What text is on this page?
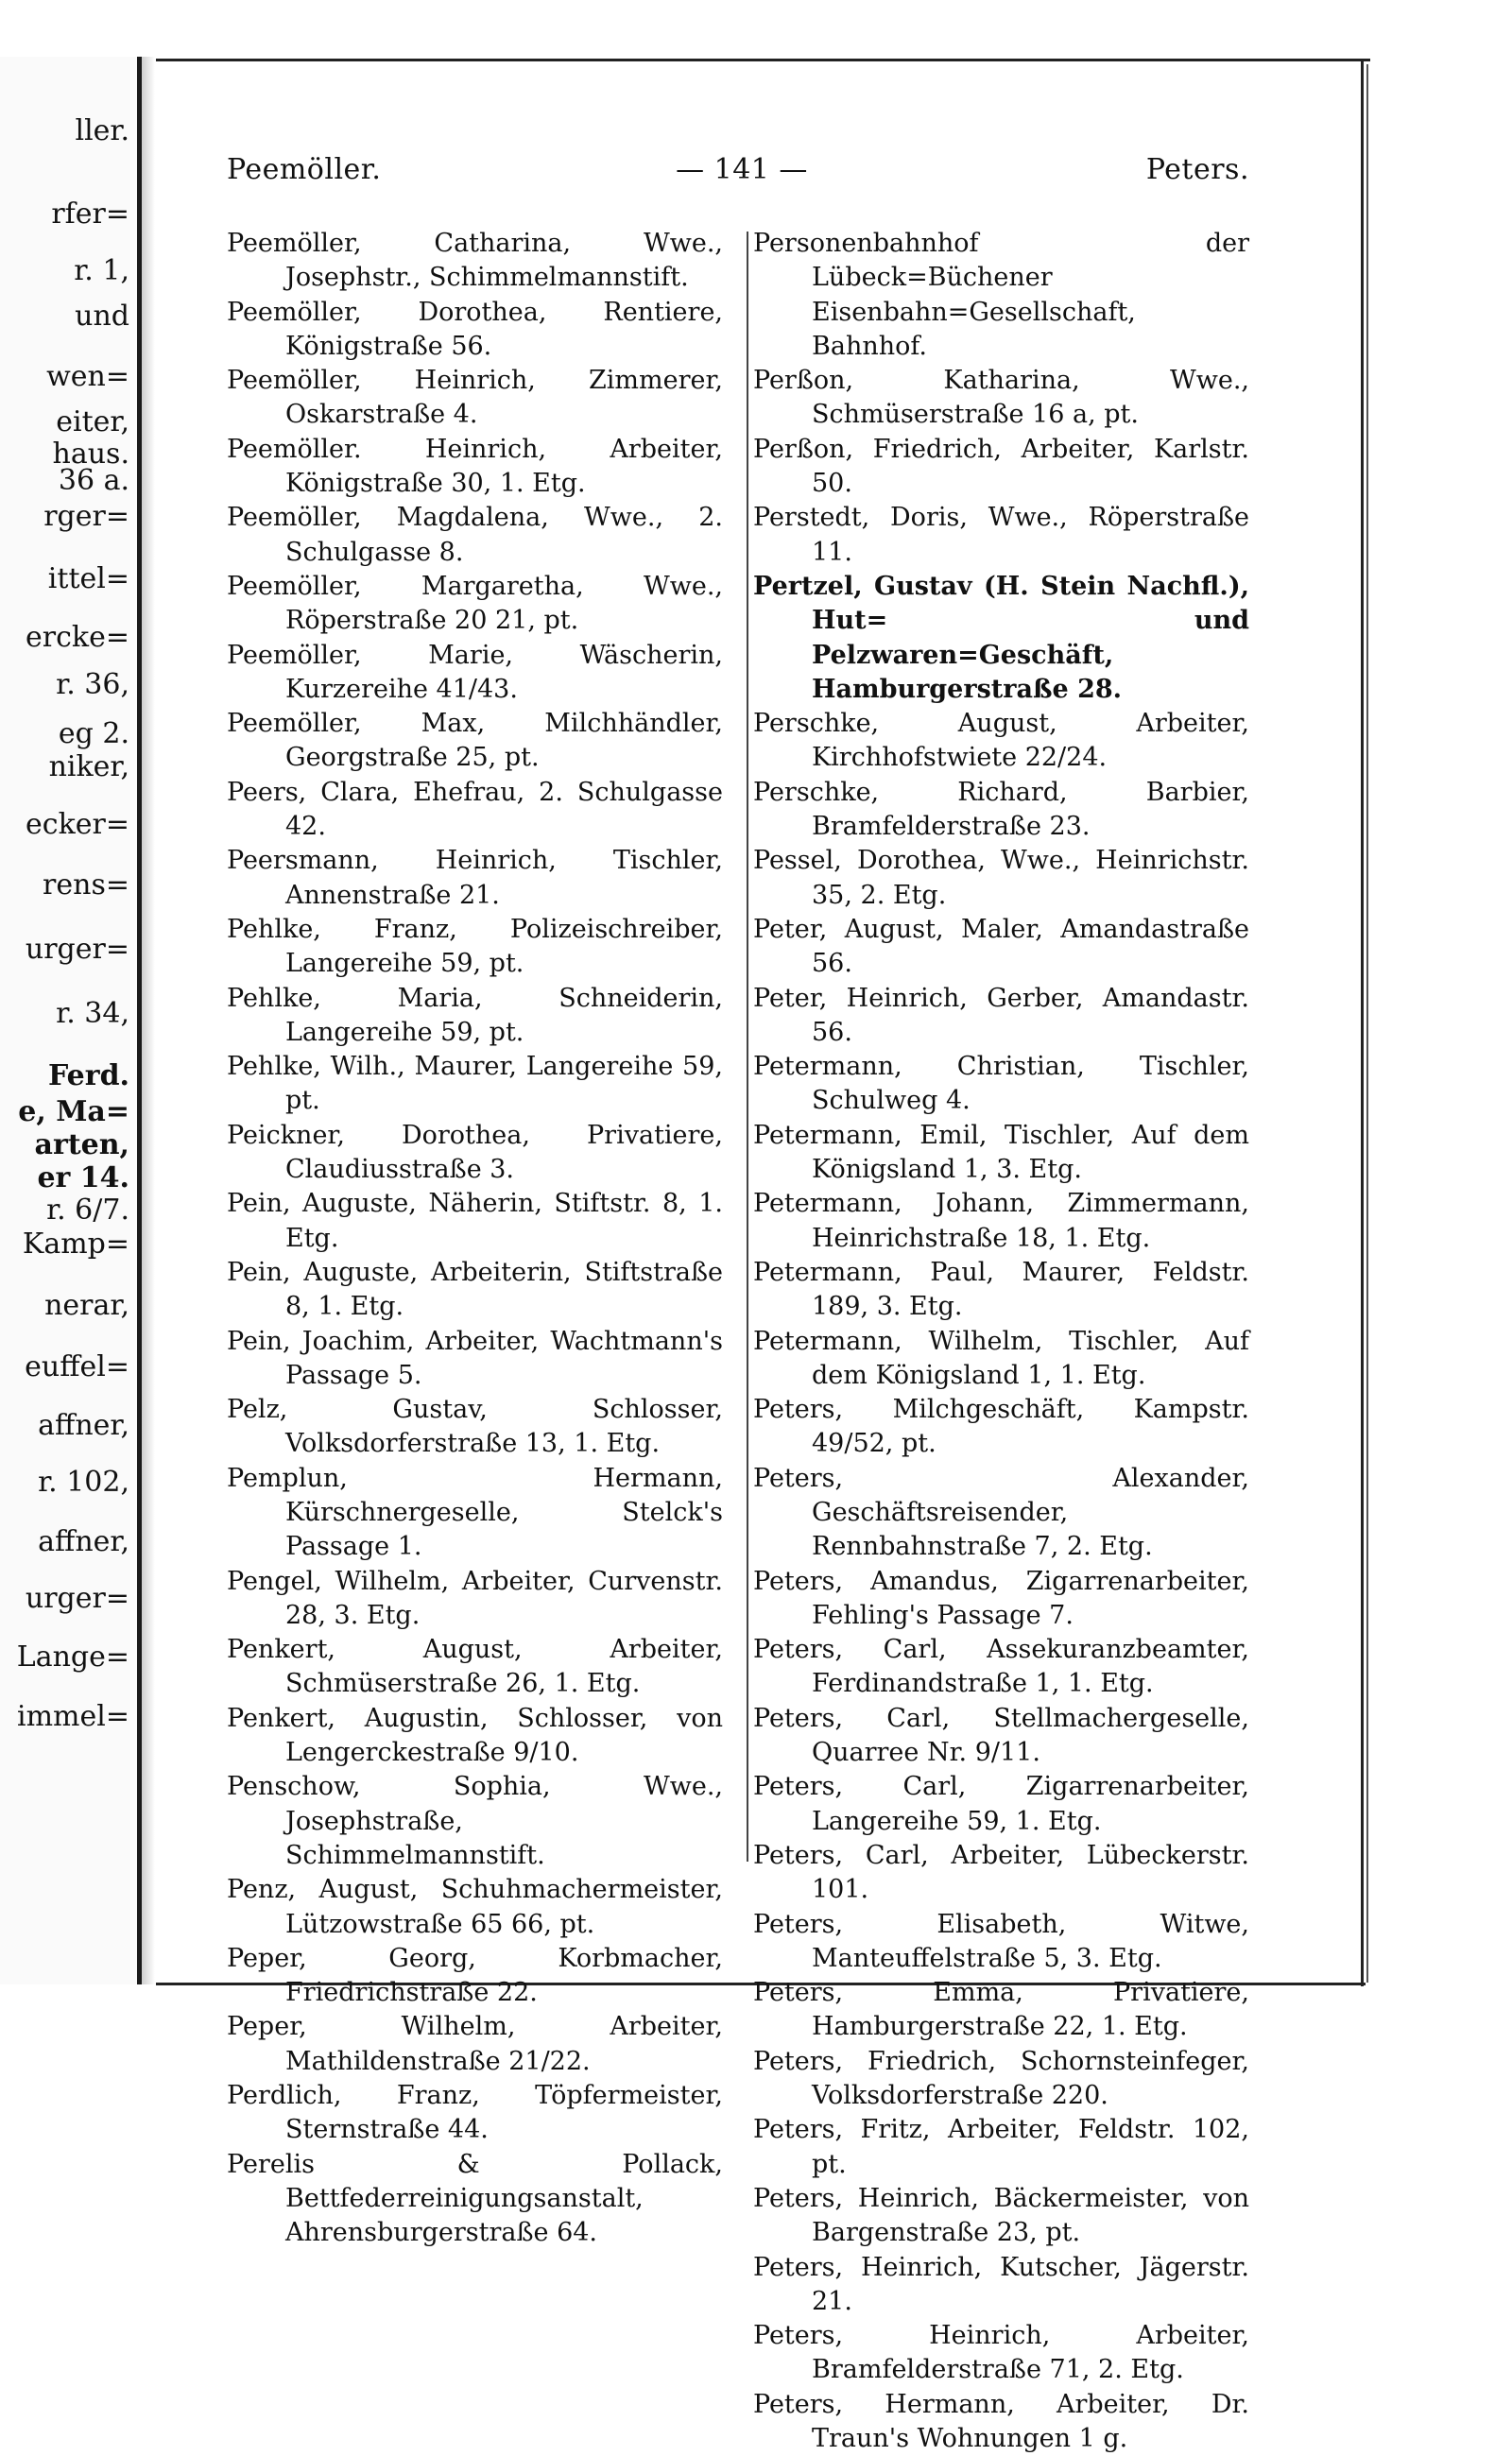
ller.
rfer=
r. 1,
und
wen=
eiter,
haus.
36 a.
rger=
ittel=
ercke=
r. 36,
eg 2.
niker,
ecker=
rens=
urger=
r. 34,
Ferd.
e, Ma=
arten,
er 14.
r. 6/7.
Kamp=
nerar,
euffel=
affner,
r. 102,
affner,
urger=
Lange=
immel=
Peemöller.	— 141 —	Peters.

Peemöller, Catharina, Wwe., Josephstr., Schimmelmannstift.

Peemöller, Dorothea, Rentiere, Königstraße 56.

Peemöller, Heinrich, Zimmerer, Oskarstraße 4.

Peemöller. Heinrich, Arbeiter, Königstraße 30, 1. Etg.

Peemöller, Magdalena, Wwe., 2. Schulgasse 8.

Peemöller, Margaretha, Wwe., Röperstraße 20 21, pt.

Peemöller, Marie, Wäscherin, Kurzereihe 41/43.

Peemöller, Max, Milchhändler, Georgstraße 25, pt.

Peers, Clara, Ehefrau, 2. Schulgasse 42.

Peersmann, Heinrich, Tischler, Annenstraße 21.

Pehlke, Franz, Polizeischreiber, Langereihe 59, pt.

Pehlke, Maria, Schneiderin, Langereihe 59, pt.

Pehlke, Wilh., Maurer, Langereihe 59, pt.

Peickner, Dorothea, Privatiere, Claudiusstraße 3.

Pein, Auguste, Näherin, Stiftstr. 8, 1. Etg.

Pein, Auguste, Arbeiterin, Stiftstraße 8, 1. Etg.

Pein, Joachim, Arbeiter, Wachtmann's Passage 5.

Pelz, Gustav, Schlosser, Volksdorferstraße 13, 1. Etg.

Pemplun, Hermann, Kürschnergeselle, Stelck's Passage 1.

Pengel, Wilhelm, Arbeiter, Curvenstr. 28, 3. Etg.

Penkert, August, Arbeiter, Schmüserstraße 26, 1. Etg.

Penkert, Augustin, Schlosser, von Lengerckestraße 9/10.

Penschow, Sophia, Wwe., Josephstraße, Schimmelmannstift.

Penz, August, Schuhmachermeister, Lützowstraße 65 66, pt.

Peper, Georg, Korbmacher, Friedrichstraße 22.

Peper, Wilhelm, Arbeiter, Mathildenstraße 21/22.

Perdlich, Franz, Töpfermeister, Sternstraße 44.

Perelis & Pollack, Bettfederreinigungsanstalt, Ahrensburgerstraße 64.

Personenbahnhof der Lübeck=Büchener Eisenbahn=Gesellschaft, Bahnhof.

Perßon, Katharina, Wwe., Schmüserstraße 16 a, pt.

Perßon, Friedrich, Arbeiter, Karlstr. 50.

Perstedt, Doris, Wwe., Röperstraße 11.

Pertzel, Gustav (H. Stein Nachfl.), Hut= und Pelzwaren=Geschäft, Hamburgerstraße 28.

Perschke, August, Arbeiter, Kirchhofstwiete 22/24.

Perschke, Richard, Barbier, Bramfelderstraße 23.

Pessel, Dorothea, Wwe., Heinrichstr. 35, 2. Etg.

Peter, August, Maler, Amandastraße 56.

Peter, Heinrich, Gerber, Amandastr. 56.

Petermann, Christian, Tischler, Schulweg 4.

Petermann, Emil, Tischler, Auf dem Königsland 1, 3. Etg.

Petermann, Johann, Zimmermann, Heinrichstraße 18, 1. Etg.

Petermann, Paul, Maurer, Feldstr. 189, 3. Etg.

Petermann, Wilhelm, Tischler, Auf dem Königsland 1, 1. Etg.

Peters, Milchgeschäft, Kampstr. 49/52, pt.

Peters, Alexander, Geschäftsreisender, Rennbahnstraße 7, 2. Etg.

Peters, Amandus, Zigarrenarbeiter, Fehling's Passage 7.

Peters, Carl, Assekuranzbeamter, Ferdinandstraße 1, 1. Etg.

Peters, Carl, Stellmachergeselle, Quarree Nr. 9/11.

Peters, Carl, Zigarrenarbeiter, Langereihe 59, 1. Etg.

Peters, Carl, Arbeiter, Lübeckerstr. 101.

Peters, Elisabeth, Witwe, Manteuffelstraße 5, 3. Etg.

Peters, Emma, Privatiere, Hamburgerstraße 22, 1. Etg.

Peters, Friedrich, Schornsteinfeger, Volksdorferstraße 220.

Peters, Fritz, Arbeiter, Feldstr. 102, pt.

Peters, Heinrich, Bäckermeister, von Bargenstraße 23, pt.

Peters, Heinrich, Kutscher, Jägerstr. 21.

Peters, Heinrich, Arbeiter, Bramfelderstraße 71, 2. Etg.

Peters, Hermann, Arbeiter, Dr. Traun's Wohnungen 1 g.
